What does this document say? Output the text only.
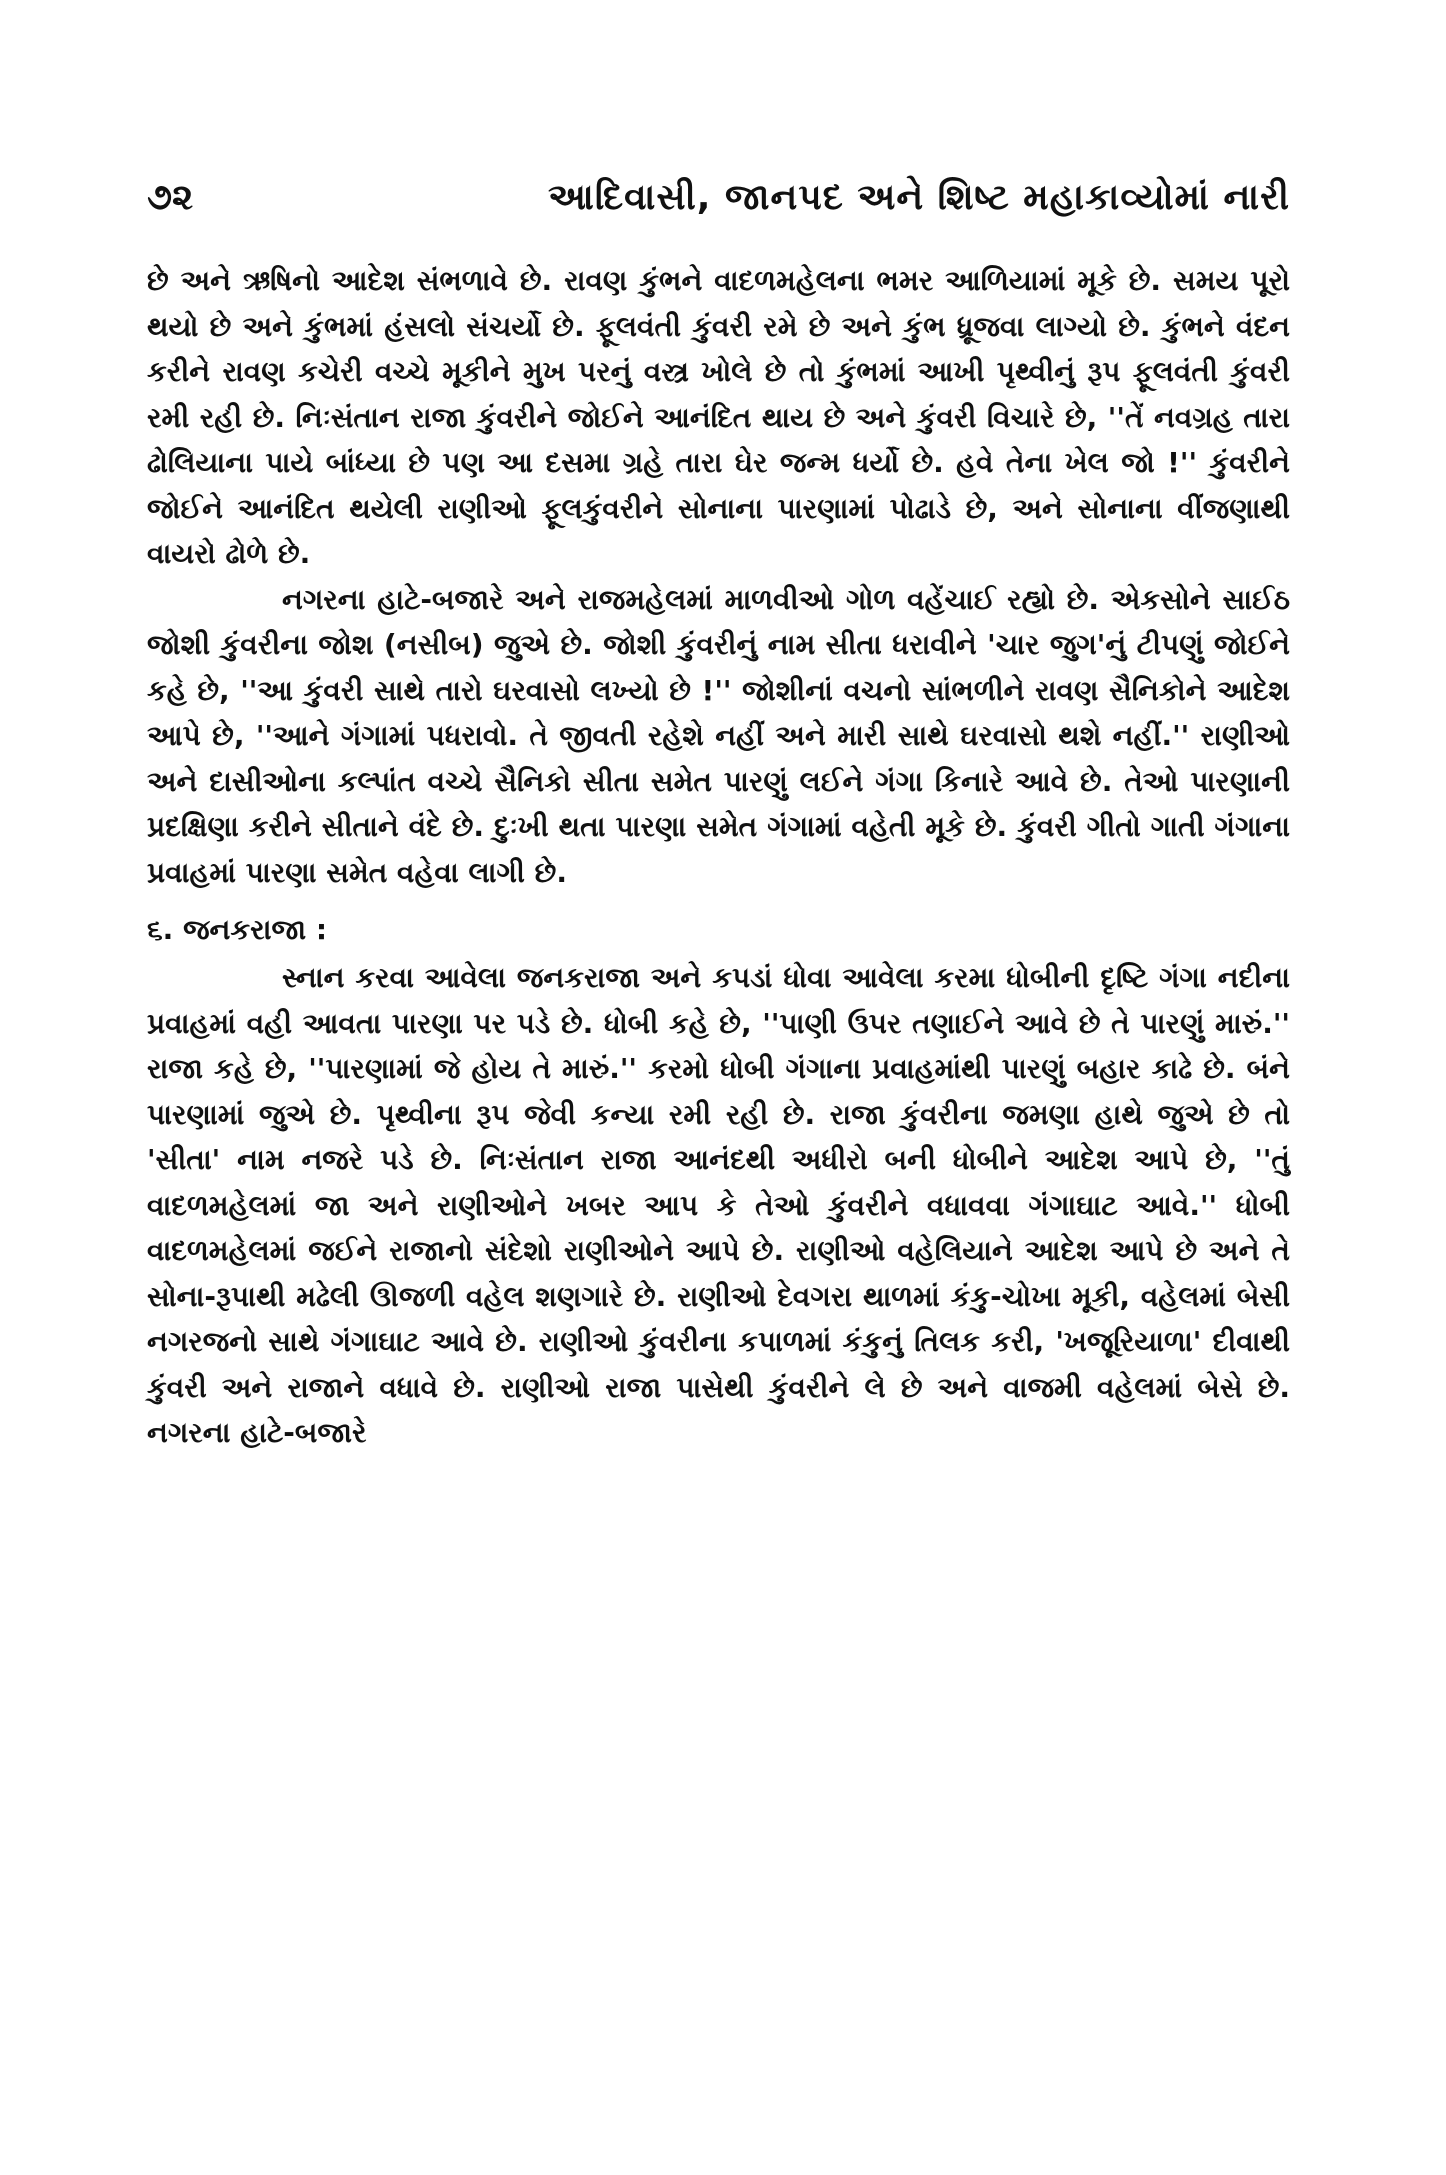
૭૨	આદિવાસી, જાનપદ અને શિષ્ટ મહાકાવ્યોમાં નારી

છે અને ઋષિનો આદેશ સંભળાવે છે. રાવણ કુંભને વાદળમહેલના ભમર આળિયામાં મૂકે છે. સમય પૂરો થયો છે અને કુંભમાં હંસલો સંચર્યો છે. ફૂલવંતી કુંવરી રમે છે અને કુંભ ધ્રૂજવા લાગ્યો છે. કુંભને વંદન કરીને રાવણ કચેરી વચ્ચે મૂકીને મુખ પરનું વસ્ત્ર ખોલે છે તો કુંભમાં આખી પૃથ્વીનું રૂપ ફૂલવંતી કુંવરી રમી રહી છે. નિઃસંતાન રાજા કુંવરીને જોઈને આનંદિત થાય છે અને કુંવરી વિચારે છે, ''તેં નવગ્રહ તારા ઢોલિયાના પાયે બાંધ્યા છે પણ આ દસમા ગ્રહે તારા ઘેર જન્મ ધર્યો છે. હવે તેના ખેલ જો !'' કુંવરીને જોઈને આનંદિત થયેલી રાણીઓ ફૂલકુંવરીને સોનાના પારણામાં પોઢાડે છે, અને સોનાના વીંજણાથી વાયરો ઢોળે છે.

નગરના હાટે-બજારે અને રાજમહેલમાં માળવીઓ ગોળ વહેંચાઈ રહ્યો છે. એકસોને સાઈઠ જોશી કુંવરીના જોશ (નસીબ) જુએ છે. જોશી કુંવરીનું નામ સીતા ધરાવીને 'ચાર જુગ'નું ટીપણું જોઈને કહે છે, ''આ કુંવરી સાથે તારો ઘરવાસો લખ્યો છે !'' જોશીનાં વચનો સાંભળીને રાવણ સૈનિકોને આદેશ આપે છે, ''આને ગંગામાં પધરાવો. તે જીવતી રહેશે નહીં અને મારી સાથે ઘરવાસો થશે નહીં.'' રાણીઓ અને દાસીઓના કલ્પાંત વચ્ચે સૈનિકો સીતા સમેત પારણું લઈને ગંગા કિનારે આવે છે. તેઓ પારણાની પ્રદક્ષિણા કરીને સીતાને વંદે છે. દુઃખી થતા પારણા સમેત ગંગામાં વહેતી મૂકે છે. કુંવરી ગીતો ગાતી ગંગાના પ્રવાહમાં પારણા સમેત વહેવા લાગી છે.

૬. જનકરાજા :

સ્નાન કરવા આવેલા જનકરાજા અને કપડાં ધોવા આવેલા કરમા ધોબીની દૃષ્ટિ ગંગા નદીના પ્રવાહમાં વહી આવતા પારણા પર પડે છે. ધોબી કહે છે, ''પાણી ઉપર તણાઈને આવે છે તે પારણું મારું.'' રાજા કહે છે, ''પારણામાં જે હોય તે મારું.'' કરમો ધોબી ગંગાના પ્રવાહમાંથી પારણું બહાર કાઢે છે. બંને પારણામાં જુએ છે. પૃથ્વીના રૂપ જેવી કન્યા રમી રહી છે. રાજા કુંવરીના જમણા હાથે જુએ છે તો 'સીતા' નામ નજરે પડે છે. નિઃસંતાન રાજા આનંદથી અધીરો બની ધોબીને આદેશ આપે છે, ''તું વાદળમહેલમાં જા અને રાણીઓને ખબર આપ કે તેઓ કુંવરીને વધાવવા ગંગાઘાટ આવે.'' ધોબી વાદળમહેલમાં જઈને રાજાનો સંદેશો રાણીઓને આપે છે. રાણીઓ વહેલિયાને આદેશ આપે છે અને તે સોના-રૂપાથી મઢેલી ઊજળી વહેલ શણગારે છે. રાણીઓ દેવગરા થાળમાં કંકુ-ચોખા મૂકી, વહેલમાં બેસી નગરજનો સાથે ગંગાઘાટ આવે છે. રાણીઓ કુંવરીના કપાળમાં કંકુનું તિલક કરી, 'ખજૂરિયાળા' દીવાથી કુંવરી અને રાજાને વધાવે છે. રાણીઓ રાજા પાસેથી કુંવરીને લે છે અને વાજમી વહેલમાં બેસે છે. નગરના હાટે-બજારે
